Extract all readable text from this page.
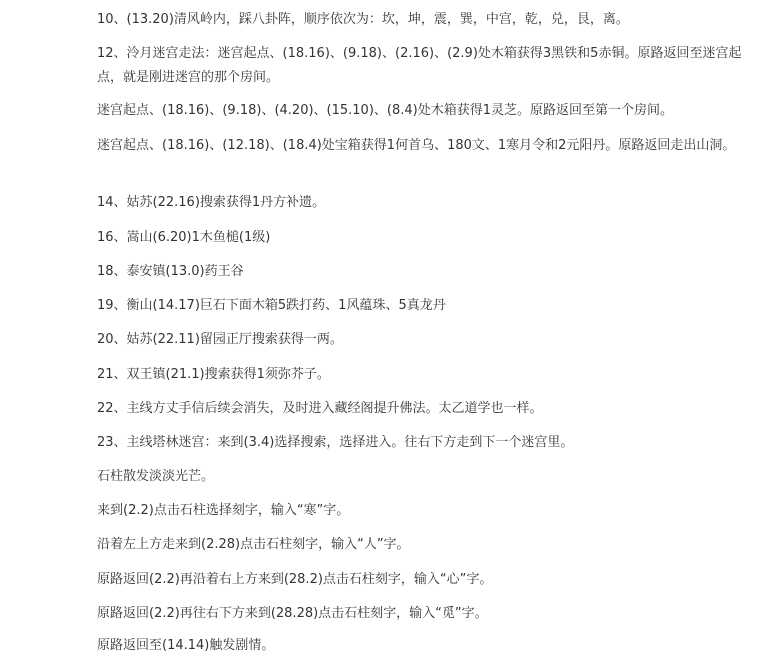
10、(13.20)清风岭内，踩八卦阵，顺序依次为：坎，坤，震，巽，中宫，乾，兑，艮，离。

12、泠月迷宫走法：迷宫起点、(18.16)、(9.18)、(2.16)、(2.9)处木箱获得3黑铁和5赤铜。原路返回至迷宫起点，就是刚进迷宫的那个房间。

迷宫起点、(18.16)、(9.18)、(4.20)、(15.10)、(8.4)处木箱获得1灵芝。原路返回至第一个房间。

迷宫起点、(18.16)、(12.18)、(18.4)处宝箱获得1何首乌、180文、1寒月令和2元阳丹。原路返回走出山洞。

14、姑苏(22.16)搜索获得1丹方补遗。

16、嵩山(6.20)1木鱼槌(1级)

18、泰安镇(13.0)药王谷

19、衡山(14.17)巨石下面木箱5跌打药、1风蕴珠、5真龙丹

20、姑苏(22.11)留园正厅搜索获得一两。

21、双王镇(21.1)搜索获得1须弥芥子。

22、主线方丈手信后续会消失，及时进入藏经阁提升佛法。太乙道学也一样。

23、主线塔林迷宫：来到(3.4)选择搜索，选择进入。往右下方走到下一个迷宫里。

石柱散发淡淡光芒。

来到(2.2)点击石柱选择刻字，输入“寒”字。

沿着左上方走来到(2.28)点击石柱刻字，输入“人”字。

原路返回(2.2)再沿着右上方来到(28.2)点击石柱刻字，输入“心”字。

原路返回(2.2)再往右下方来到(28.28)点击石柱刻字，输入“觅”字。

原路返回至(14.14)触发剧情。
